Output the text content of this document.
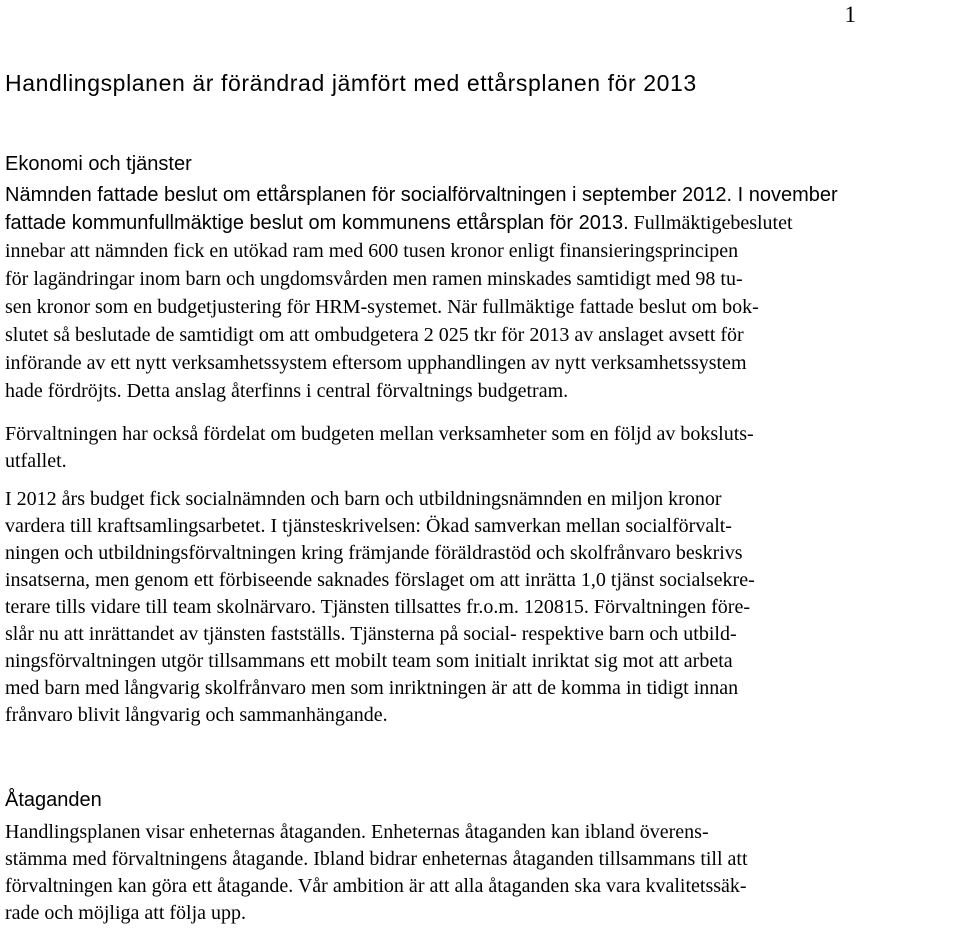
1
Handlingsplanen är förändrad jämfört med ettårsplanen för 2013
Ekonomi och tjänster
Nämnden fattade beslut om ettårsplanen för socialförvaltningen i september 2012. I november
fattade kommunfullmäktige beslut om kommunens ettårsplan för 2013. Fullmäktigebeslutet
innebar att nämnden fick en utökad ram med 600 tusen kronor enligt finansieringsprincipen
för lagändringar inom barn och ungdomsvården men ramen minskades samtidigt med 98 tu-
sen kronor som en budgetjustering för HRM-systemet. När fullmäktige fattade beslut om bok-
slutet så beslutade de samtidigt om att ombudgetera 2 025 tkr för 2013 av anslaget avsett för
införande av ett nytt verksamhetssystem eftersom upphandlingen av nytt verksamhetssystem
hade fördröjts. Detta anslag återfinns i central förvaltnings budgetram.
Förvaltningen har också fördelat om budgeten mellan verksamheter som en följd av boksluts-
utfallet.
I 2012 års budget fick socialnämnden och barn och utbildningsnämnden en miljon kronor
vardera till kraftsamlingsarbetet. I tjänsteskrivelsen: Ökad samverkan mellan socialförvalt-
ningen och utbildningsförvaltningen kring främjande föräldrastöd och skolfrånvaro beskrivs
insatserna, men genom ett förbiseende saknades förslaget om att inrätta 1,0 tjänst socialsekre-
terare tills vidare till team skolnärvaro. Tjänsten tillsattes fr.o.m. 120815. Förvaltningen före-
slår nu att inrättandet av tjänsten fastställs. Tjänsterna på social- respektive barn och utbild-
ningsförvaltningen utgör tillsammans ett mobilt team som initialt inriktat sig mot att arbeta
med barn med långvarig skolfrånvaro men som inriktningen är att de komma in tidigt innan
frånvaro blivit långvarig och sammanhängande.
Åtaganden
Handlingsplanen visar enheternas åtaganden. Enheternas åtaganden kan ibland överens-
stämma med förvaltningens åtagande. Ibland bidrar enheternas åtaganden tillsammans till att
förvaltningen kan göra ett åtagande. Vår ambition är att alla åtaganden ska vara kvalitetssäk-
rade och möjliga att följa upp.
